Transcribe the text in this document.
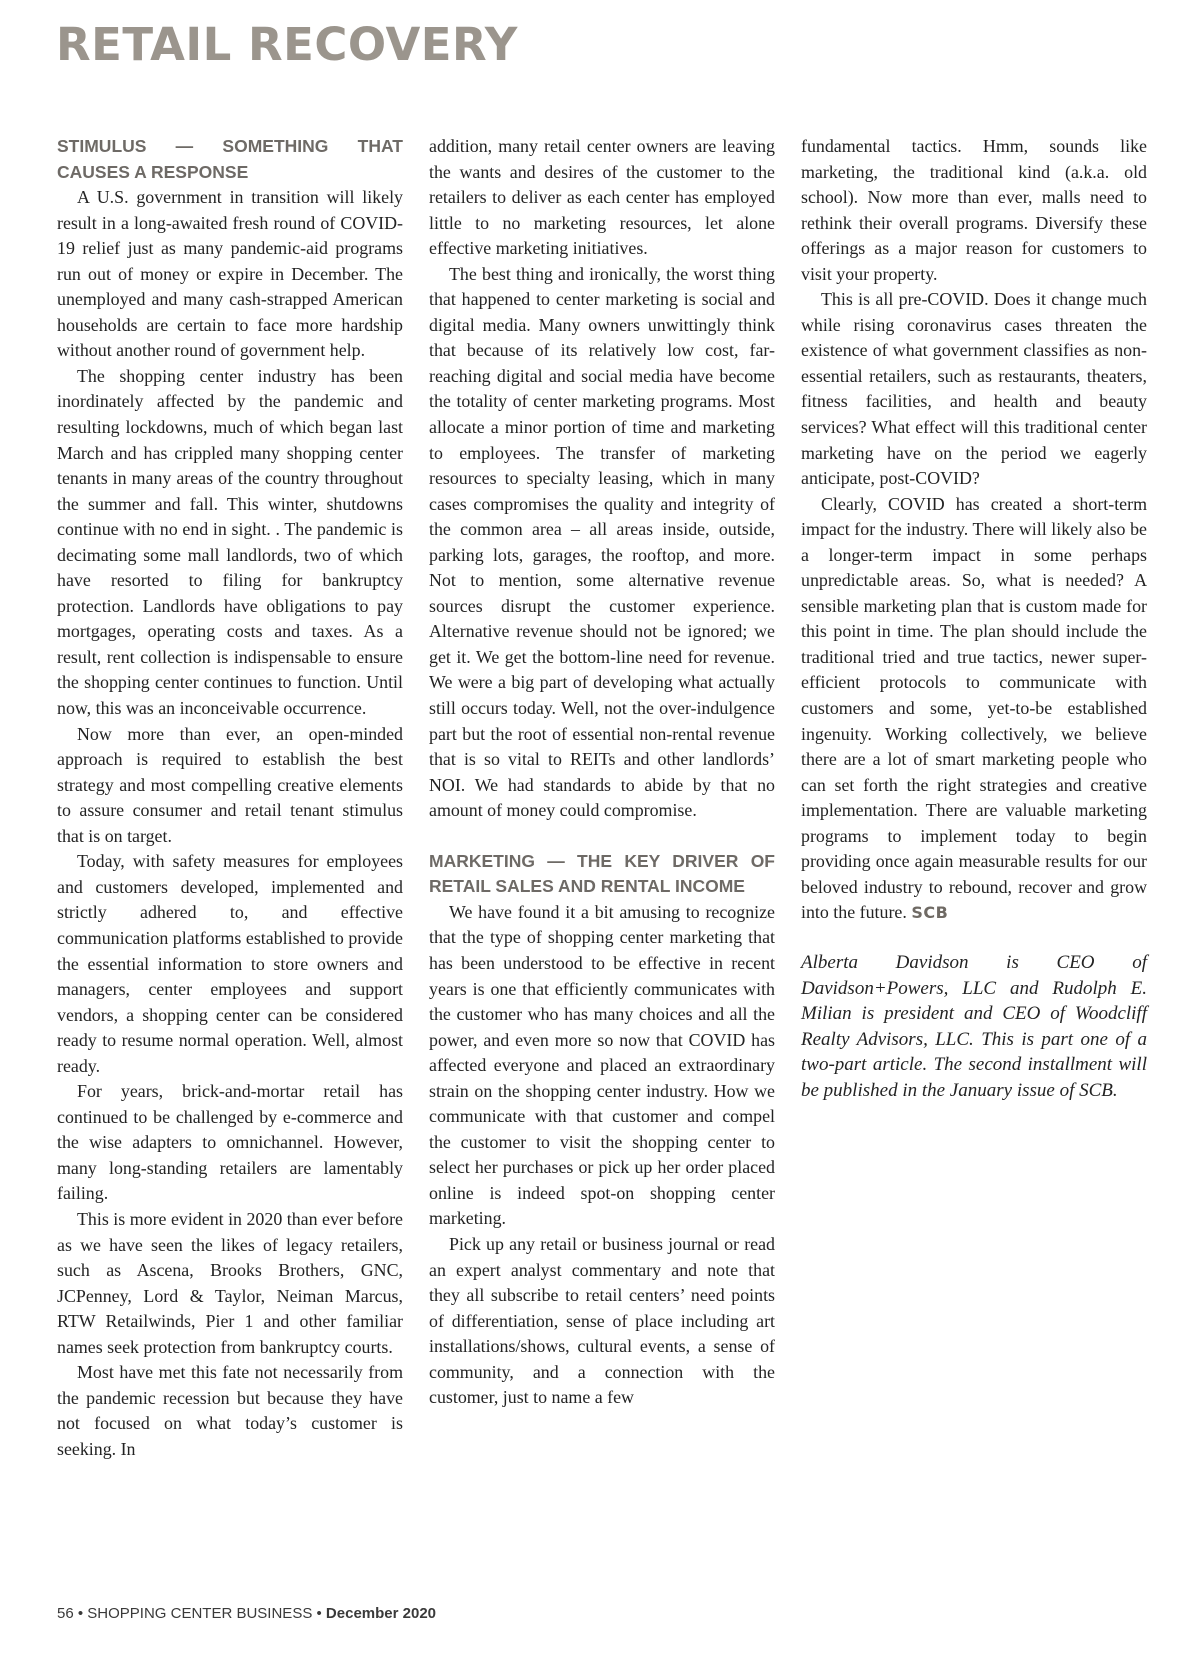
RETAIL RECOVERY
STIMULUS — SOMETHING THAT CAUSES A RESPONSE

A U.S. government in transition will likely result in a long-awaited fresh round of COVID-19 relief just as many pandemic-aid programs run out of money or expire in December. The unemployed and many cash-strapped American households are certain to face more hardship without another round of government help.

The shopping center industry has been inordinately affected by the pandemic and resulting lockdowns, much of which began last March and has crippled many shopping center tenants in many areas of the country throughout the summer and fall. This winter, shutdowns continue with no end in sight. . The pandemic is decimating some mall landlords, two of which have resorted to filing for bankruptcy protection. Landlords have obligations to pay mortgages, operating costs and taxes. As a result, rent collection is indispensable to ensure the shopping center continues to function. Until now, this was an inconceivable occurrence.

Now more than ever, an open-minded approach is required to establish the best strategy and most compelling creative elements to assure consumer and retail tenant stimulus that is on target.

Today, with safety measures for employees and customers developed, implemented and strictly adhered to, and effective communication platforms established to provide the essential information to store owners and managers, center employees and support vendors, a shopping center can be considered ready to resume normal operation. Well, almost ready.

For years, brick-and-mortar retail has continued to be challenged by e-commerce and the wise adapters to omnichannel. However, many long-standing retailers are lamentably failing.

This is more evident in 2020 than ever before as we have seen the likes of legacy retailers, such as Ascena, Brooks Brothers, GNC, JCPenney, Lord & Taylor, Neiman Marcus, RTW Retailwinds, Pier 1 and other familiar names seek protection from bankruptcy courts.

Most have met this fate not necessarily from the pandemic recession but because they have not focused on what today’s customer is seeking. In

addition, many retail center owners are leaving the wants and desires of the customer to the retailers to deliver as each center has employed little to no marketing resources, let alone effective marketing initiatives.

The best thing and ironically, the worst thing that happened to center marketing is social and digital media. Many owners unwittingly think that because of its relatively low cost, far-reaching digital and social media have become the totality of center marketing programs. Most allocate a minor portion of time and marketing to employees. The transfer of marketing resources to specialty leasing, which in many cases compromises the quality and integrity of the common area – all areas inside, outside, parking lots, garages, the rooftop, and more. Not to mention, some alternative revenue sources disrupt the customer experience. Alternative revenue should not be ignored; we get it. We get the bottom-line need for revenue. We were a big part of developing what actually still occurs today. Well, not the over-indulgence part but the root of essential non-rental revenue that is so vital to REITs and other landlords’ NOI. We had standards to abide by that no amount of money could compromise.

MARKETING — THE KEY DRIVER OF RETAIL SALES AND RENTAL INCOME

We have found it a bit amusing to recognize that the type of shopping center marketing that has been understood to be effective in recent years is one that efficiently communicates with the customer who has many choices and all the power, and even more so now that COVID has affected everyone and placed an extraordinary strain on the shopping center industry. How we communicate with that customer and compel the customer to visit the shopping center to select her purchases or pick up her order placed online is indeed spot-on shopping center marketing.

Pick up any retail or business journal or read an expert analyst commentary and note that they all subscribe to retail centers’ need points of differentiation, sense of place including art installations/shows, cultural events, a sense of community, and a connection with the customer, just to name a few

fundamental tactics. Hmm, sounds like marketing, the traditional kind (a.k.a. old school). Now more than ever, malls need to rethink their overall programs. Diversify these offerings as a major reason for customers to visit your property.

This is all pre-COVID. Does it change much while rising coronavirus cases threaten the existence of what government classifies as non-essential retailers, such as restaurants, theaters, fitness facilities, and health and beauty services? What effect will this traditional center marketing have on the period we eagerly anticipate, post-COVID?

Clearly, COVID has created a short-term impact for the industry. There will likely also be a longer-term impact in some perhaps unpredictable areas. So, what is needed? A sensible marketing plan that is custom made for this point in time. The plan should include the traditional tried and true tactics, newer super-efficient protocols to communicate with customers and some, yet-to-be established ingenuity. Working collectively, we believe there are a lot of smart marketing people who can set forth the right strategies and creative implementation. There are valuable marketing programs to implement today to begin providing once again measurable results for our beloved industry to rebound, recover and grow into the future. SCB

Alberta Davidson is CEO of Davidson+Powers, LLC and Rudolph E. Milian is president and CEO of Woodcliff Realty Advisors, LLC. This is part one of a two-part article. The second installment will be published in the January issue of SCB.

56 • SHOPPING CENTER BUSINESS • December 2020
